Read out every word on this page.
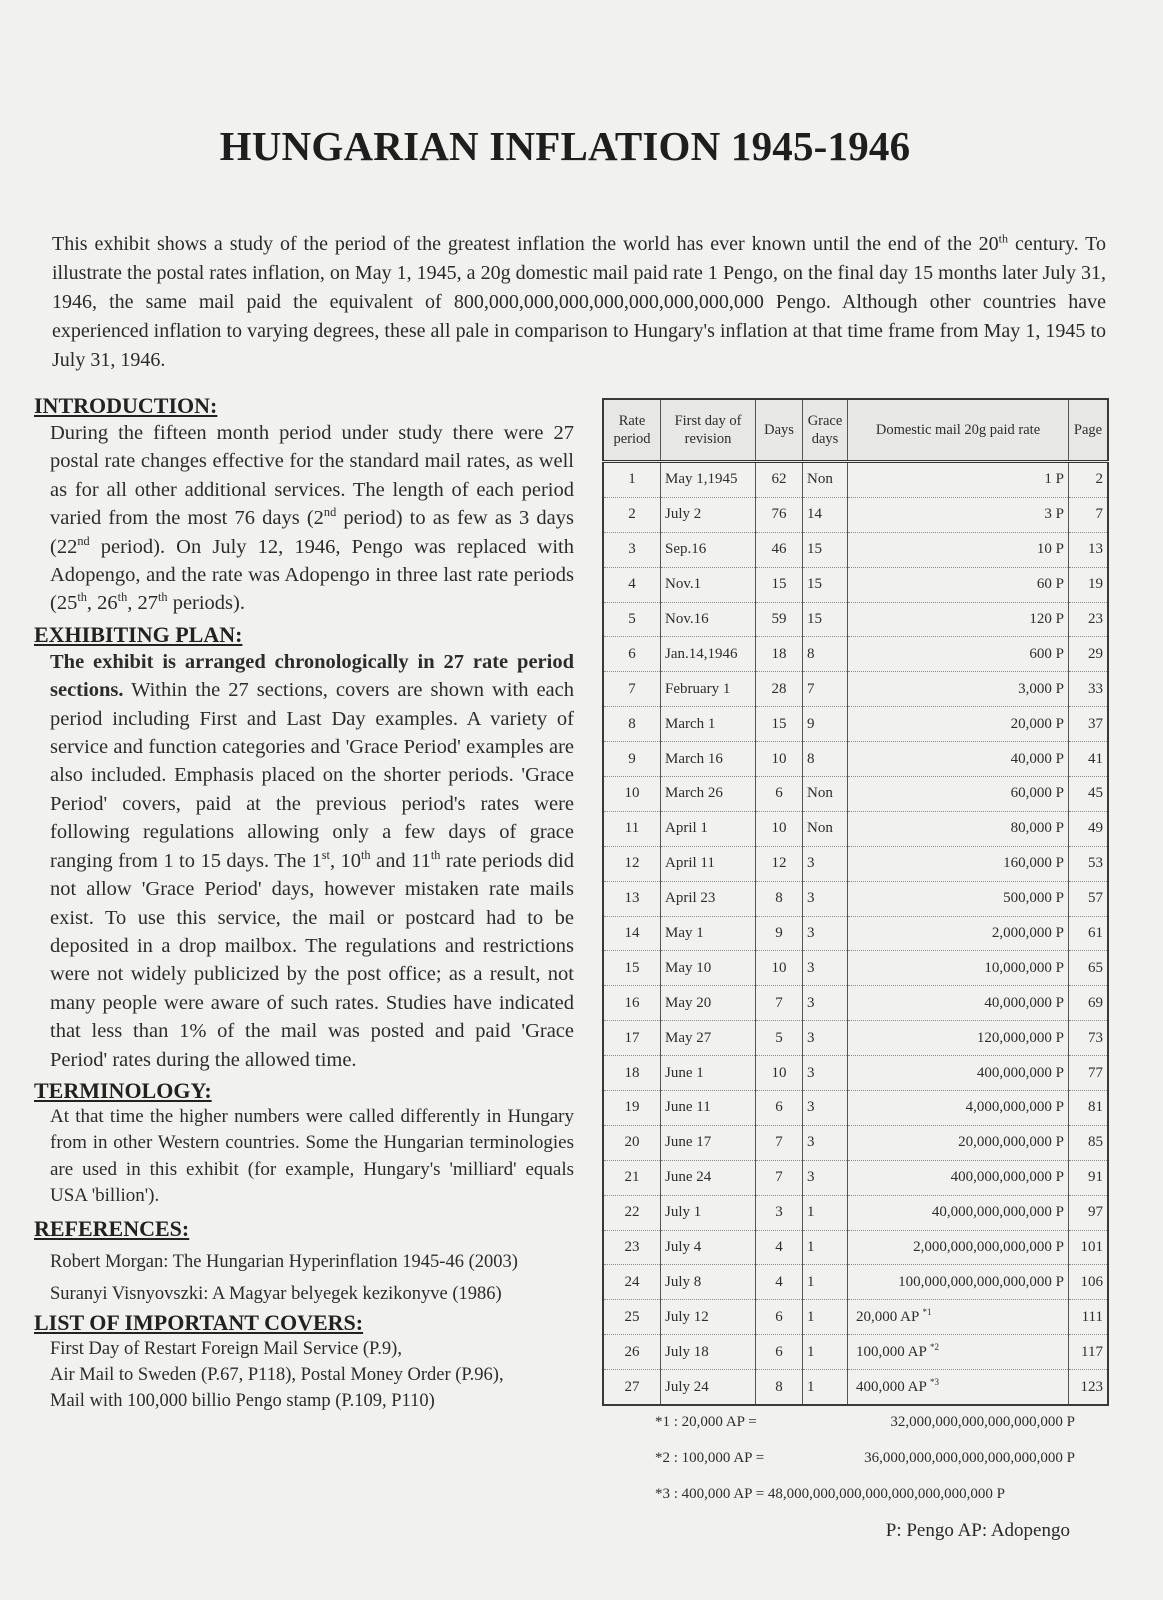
HUNGARIAN INFLATION 1945-1946

This exhibit shows a study of the period of the greatest inflation the world has ever known until the end of the 20th century. To illustrate the postal rates inflation, on May 1, 1945, a 20g domestic mail paid rate 1 Pengo, on the final day 15 months later July 31, 1946, the same mail paid the equivalent of 800,000,000,000,000,000,000,000,000 Pengo. Although other countries have experienced inflation to varying degrees, these all pale in comparison to Hungary's inflation at that time frame from May 1, 1945 to July 31, 1946.

INTRODUCTION:

During the fifteen month period under study there were 27 postal rate changes effective for the standard mail rates, as well as for all other additional services. The length of each period varied from the most 76 days (2nd period) to as few as 3 days (22nd period). On July 12, 1946, Pengo was replaced with Adopengo, and the rate was Adopengo in three last rate periods (25th, 26th, 27th periods).

EXHIBITING PLAN:

The exhibit is arranged chronologically in 27 rate period sections. Within the 27 sections, covers are shown with each period including First and Last Day examples. A variety of service and function categories and 'Grace Period' examples are also included. Emphasis placed on the shorter periods. 'Grace Period' covers, paid at the previous period's rates were following regulations allowing only a few days of grace ranging from 1 to 15 days. The 1st, 10th and 11th rate periods did not allow 'Grace Period' days, however mistaken rate mails exist. To use this service, the mail or postcard had to be deposited in a drop mailbox. The regulations and restrictions were not widely publicized by the post office; as a result, not many people were aware of such rates. Studies have indicated that less than 1% of the mail was posted and paid 'Grace Period' rates during the allowed time.

TERMINOLOGY:

At that time the higher numbers were called differently in Hungary from in other Western countries. Some the Hungarian terminologies are used in this exhibit (for example, Hungary's 'milliard' equals USA 'billion').

REFERENCES:

Robert Morgan: The Hungarian Hyperinflation 1945-46 (2003)

Suranyi Visnyovszki: A Magyar belyegek kezikonyve (1986)

LIST OF IMPORTANT COVERS:

First Day of Restart Foreign Mail Service (P.9),

Air Mail to Sweden (P.67, P118), Postal Money Order (P.96),

Mail with 100,000 billio Pengo stamp (P.109, P110)

Rate period	First day of revision	Days	Grace days	Domestic mail 20g paid rate	Page
1	May 1,1945	62	Non	1 P	2
2	July 2	76	14	3 P	7
3	Sep.16	46	15	10 P	13
4	Nov.1	15	15	60 P	19
5	Nov.16	59	15	120 P	23
6	Jan.14,1946	18	8	600 P	29
7	February 1	28	7	3,000 P	33
8	March 1	15	9	20,000 P	37
9	March 16	10	8	40,000 P	41
10	March 26	6	Non	60,000 P	45
11	April 1	10	Non	80,000 P	49
12	April 11	12	3	160,000 P	53
13	April 23	8	3	500,000 P	57
14	May 1	9	3	2,000,000 P	61
15	May 10	10	3	10,000,000 P	65
16	May 20	7	3	40,000,000 P	69
17	May 27	5	3	120,000,000 P	73
18	June 1	10	3	400,000,000 P	77
19	June 11	6	3	4,000,000,000 P	81
20	June 17	7	3	20,000,000,000 P	85
21	June 24	7	3	400,000,000,000 P	91
22	July 1	3	1	40,000,000,000,000 P	97
23	July 4	4	1	2,000,000,000,000,000 P	101
24	July 8	4	1	100,000,000,000,000,000 P	106
25	July 12	6	1	20,000 AP $^{*1}$	111
26	July 18	6	1	100,000 AP $^{*2}$	117
27	July 24	8	1	400,000 AP $^{*3}$	123
*1 : 20,000 AP =	32,000,000,000,000,000,000 P
*2 : 100,000 AP =	36,000,000,000,000,000,000,000 P
*3 : 400,000 AP = 48,000,000,000,000,000,000,000,000 P
P: Pengo AP: Adopengo
